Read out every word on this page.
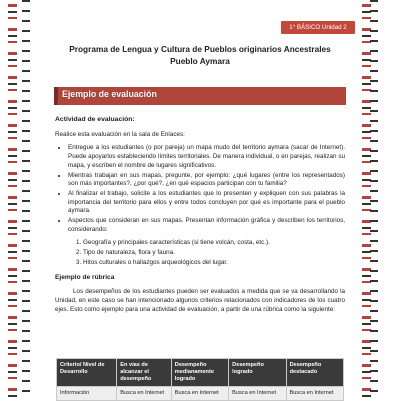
1° BÁSICO Unidad 2
Programa de Lengua y Cultura de Pueblos originarios Ancestrales
Pueblo Aymara
Ejemplo de evaluación
Actividad de evaluación:

Realice esta evaluación en la sala de Enlaces:

• Entregue a los estudiantes (o por pareja) un mapa mudo del territorio aymara (sacar de Internet). Puede apoyarlos estableciendo límites territoriales. De manera individual, o en parejas, realizan su mapa, y escriben el nombre de lugares significativos.
• Mientras trabajan en sus mapas, pregunte, por ejemplo: ¿qué lugares (entre los representados) son más importantes?, ¿por qué?, ¿en qué espacios participan con tu familia?
• Al finalizar el trabajo, solicite a los estudiantes que lo presenten y expliquen con sus palabras la importancia del territorio para ellos y entre todos concluyen por qué es importante para el pueblo aymara.
• Aspectos que consideran en sus mapas. Presentan información gráfica y describen los territorios, considerando:
1. Geografía y principales características (si tiene volcán, costa, etc.).
2. Tipo de naturaleza, flora y fauna.
3. Hitos culturales o hallazgos arqueológicos del lugar.
Ejemplo de rúbrica

Los desempeños de los estudiantes pueden ser evaluados a medida que se va desarrollando la Unidad, en este caso se han intencionado algunos criterios relacionados con indicadores de los cuatro ejes. Esto como ejemplo para una actividad de evaluación, a partir de una rúbrica como la siguiente:

Criterio/ Nivel de Desarrollo	En vías de alcanzar el desempeño	Desempeño medianamente logrado	Desempeño logrado	Desempeño destacado
Información	Busca en Internet	Busca en Internet	Busca en Internet	Busca en Internet
